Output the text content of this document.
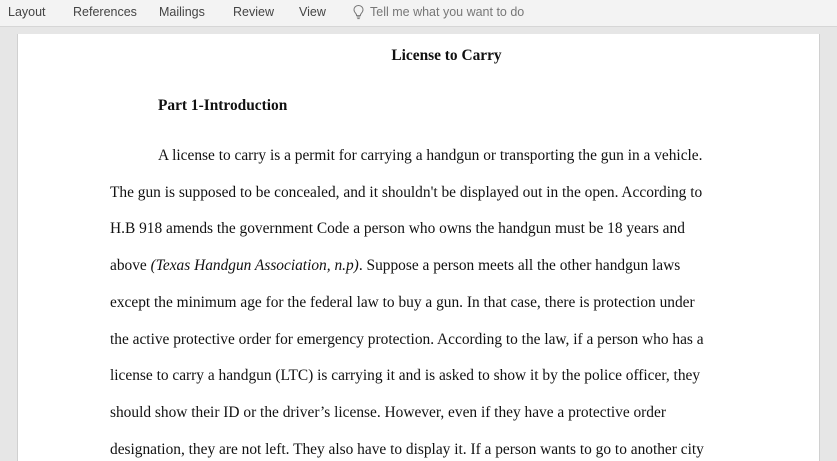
Layout References Mailings Review View	Tell me what you want to do
License to Carry
Part 1-Introduction
A license to carry is a permit for carrying a handgun or transporting the gun in a vehicle.
The gun is supposed to be concealed, and it shouldn't be displayed out in the open. According to
H.B 918 amends the government Code a person who owns the handgun must be 18 years and
above (Texas Handgun Association, n.p). Suppose a person meets all the other handgun laws
except the minimum age for the federal law to buy a gun. In that case, there is protection under
the active protective order for emergency protection. According to the law, if a person who has a
license to carry a handgun (LTC) is carrying it and is asked to show it by the police officer, they
should show their ID or the driver’s license. However, even if they have a protective order
designation, they are not left. They also have to display it. If a person wants to go to another city
